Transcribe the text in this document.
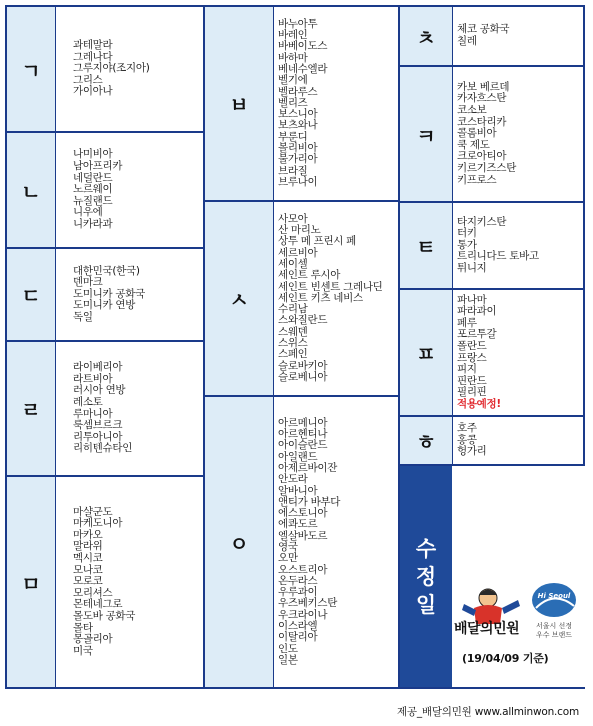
ㄱ
과테말라
그레나다
그루지야(조지아)
그리스
가이아나
ㄴ
나미비아
남아프리카
네덜란드
노르웨이
뉴질랜드
니우에
니카라과
ㄷ
대한민국(한국)
덴마크
도미니카 공화국
도미니카 연방
독일
ㄹ
라이베리아
라트비아
러시아 연방
레소토
루마니아
룩셈브르크
리투아니아
리히텐슈타인
ㅁ
마샬군도
마케도니아
마카오
말라위
멕시코
모나코
모로코
모리셔스
몬테네그로
몰도바 공화국
몰타
몽골리아
미국
ㅂ
바누아투
바레인
바베이도스
바하마
베네수엘라
벨기에
벨라루스
벨리즈
보스니아
보츠와나
부룬디
볼리비아
불가리아
브라질
브루나이
ㅅ
사모아
산 마리노
상투 메 프린시 페
세르비아
세이셀
세인트 루시아
세인트 빈센트 그레나딘
세인트 키츠 네비스
수리남
스와질란드
스웨덴
스위스
스페인
슬로바키아
슬로베니아
ㅇ
아르메니아
아르헨티나
아이슬란드
아일랜드
아제르바이잔
안도라
알바니아
앤티가 바부다
에스토니아
에콰도르
엘살바도르
영국
오만
오스트리아
온두라스
우루과이
우즈베키스탄
우크라이나
이스라엘
이탈리아
인도
일본
ㅊ	체코 공화국
칠레
ㅋ
카보 베르데
카자흐스탄
코소보
코스타리카
콜롬비아
쿡 제도
크로아티아
키르기즈스탄
키프로스
ㅌ
타지키스탄
터키
통가
트리니다드 토바고
튀니지
ㅍ
파나마
파라과이
페루
포르투갈
폴란드
프랑스
피지
핀란드
필리핀
적용예정!
ㅎ
호주
홍콩
헝가리
수
정
일
배달의민원
Hi Seoul
서울시 선정
우수 브랜드
(19/04/09 기준)
제공_배달의민원 www.allminwon.com
